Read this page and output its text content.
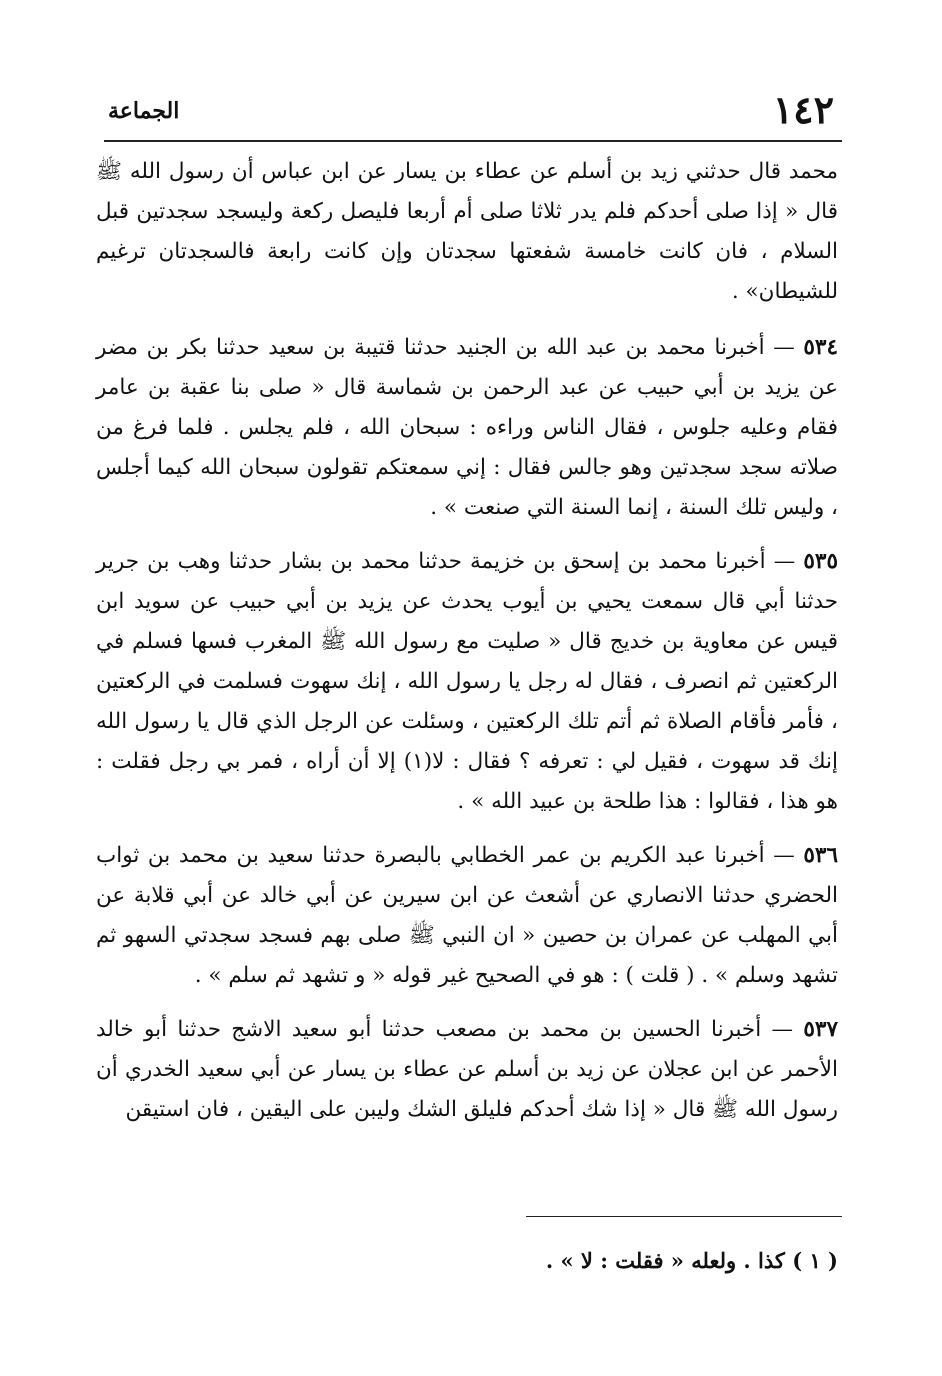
١٤٢
الجماعة

محمد قال حدثني زيد بن أسلم عن عطاء بن يسار عن ابن عباس أن رسول الله ﷺ قال « إذا صلى أحدكم فلم يدر ثلاثا صلى أم أربعا فليصل ركعة وليسجد سجدتين قبل السلام ، فان كانت خامسة شفعتها سجدتان وإن كانت رابعة فالسجدتان ترغيم للشيطان» .

٥٣٤ — أخبرنا محمد بن عبد الله بن الجنيد حدثنا قتيبة بن سعيد حدثنا بكر بن مضر عن يزيد بن أبي حبيب عن عبد الرحمن بن شماسة قال « صلى بنا عقبة بن عامر فقام وعليه جلوس ، فقال الناس وراءه : سبحان الله ، فلم يجلس . فلما فرغ من صلاته سجد سجدتين وهو جالس فقال : إني سمعتكم تقولون سبحان الله كيما أجلس ، وليس تلك السنة ، إنما السنة التي صنعت » .

٥٣٥ — أخبرنا محمد بن إسحق بن خزيمة حدثنا محمد بن بشار حدثنا وهب بن جرير حدثنا أبي قال سمعت يحيي بن أيوب يحدث عن يزيد بن أبي حبيب عن سويد ابن قيس عن معاوية بن خديج قال « صليت مع رسول الله ﷺ المغرب فسها فسلم في الركعتين ثم انصرف ، فقال له رجل يا رسول الله ، إنك سهوت فسلمت في الركعتين ، فأمر فأقام الصلاة ثم أتم تلك الركعتين ، وسئلت عن الرجل الذي قال يا رسول الله إنك قد سهوت ، فقيل لي : تعرفه ؟ فقال : لا(١) إلا أن أراه ، فمر بي رجل فقلت : هو هذا ، فقالوا : هذا طلحة بن عبيد الله » .

٥٣٦ — أخبرنا عبد الكريم بن عمر الخطابي بالبصرة حدثنا سعيد بن محمد بن ثواب الحضري حدثنا الانصاري عن أشعث عن ابن سيرين عن أبي خالد عن أبي قلابة عن أبي المهلب عن عمران بن حصين « ان النبي ﷺ صلى بهم فسجد سجدتي السهو ثم تشهد وسلم » . ( قلت ) : هو في الصحيح غير قوله « و تشهد ثم سلم » .

٥٣٧ — أخبرنا الحسين بن محمد بن مصعب حدثنا أبو سعيد الاشج حدثنا أبو خالد الأحمر عن ابن عجلان عن زيد بن أسلم عن عطاء بن يسار عن أبي سعيد الخدري أن رسول الله ﷺ قال « إذا شك أحدكم فليلق الشك وليبن على اليقين ، فان استيقن

( ١ ) كذا . ولعله « فقلت : لا » .
